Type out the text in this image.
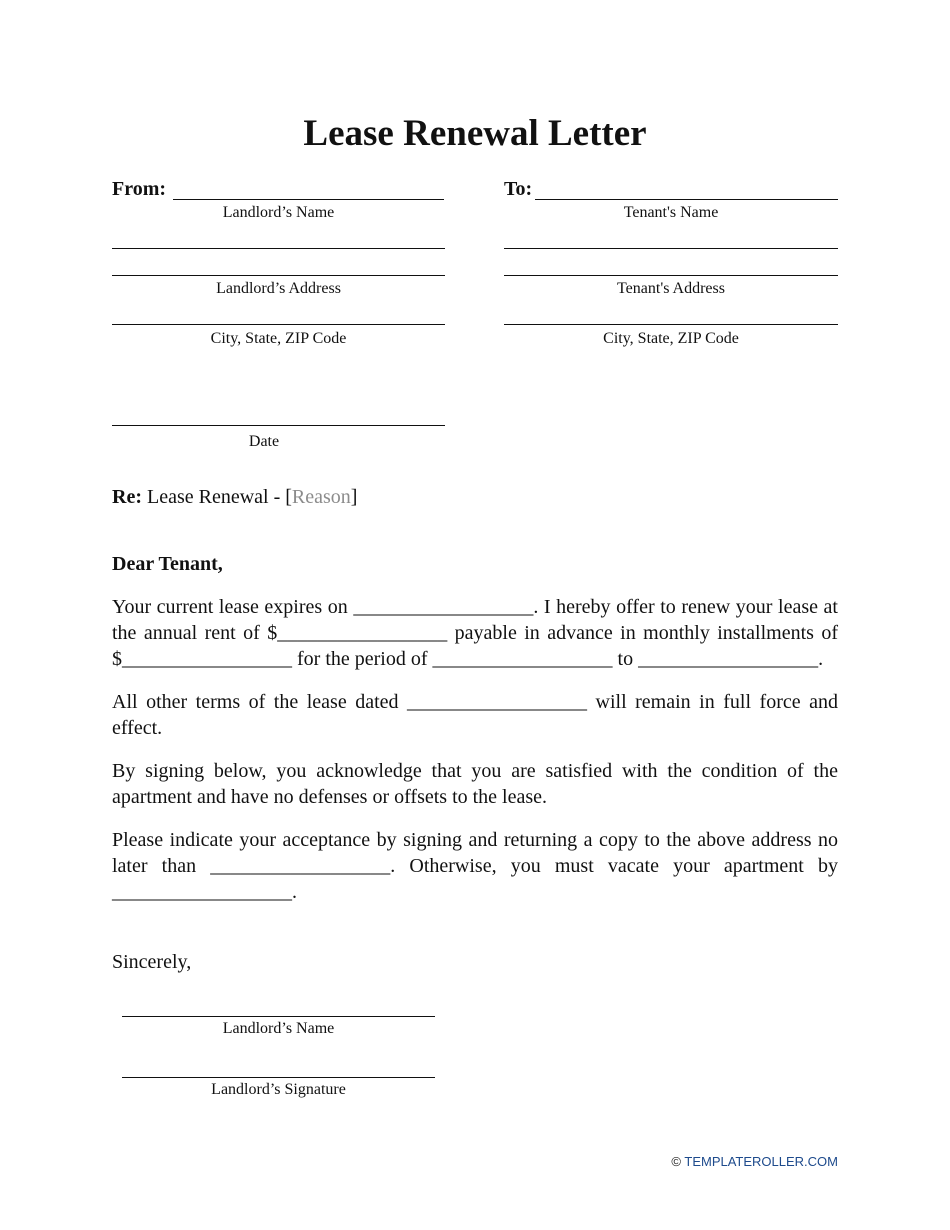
Lease Renewal Letter
From:	To:
Landlord’s Name	Tenant's Name
Landlord’s Address	Tenant's Address
City, State, ZIP Code	City, State, ZIP Code
Date
Re: Lease Renewal - [Reason]
Dear Tenant,
Your current lease expires on __________________. I hereby offer to renew your lease at the annual rent of $_________________ payable in advance in monthly installments of $_________________ for the period of __________________ to __________________.
All other terms of the lease dated __________________ will remain in full force and effect.
By signing below, you acknowledge that you are satisfied with the condition of the apartment and have no defenses or offsets to the lease.
Please indicate your acceptance by signing and returning a copy to the above address no later than __________________. Otherwise, you must vacate your apartment by __________________.
Sincerely,
Landlord’s Name
Landlord’s Signature
© TEMPLATEROLLER.COM
